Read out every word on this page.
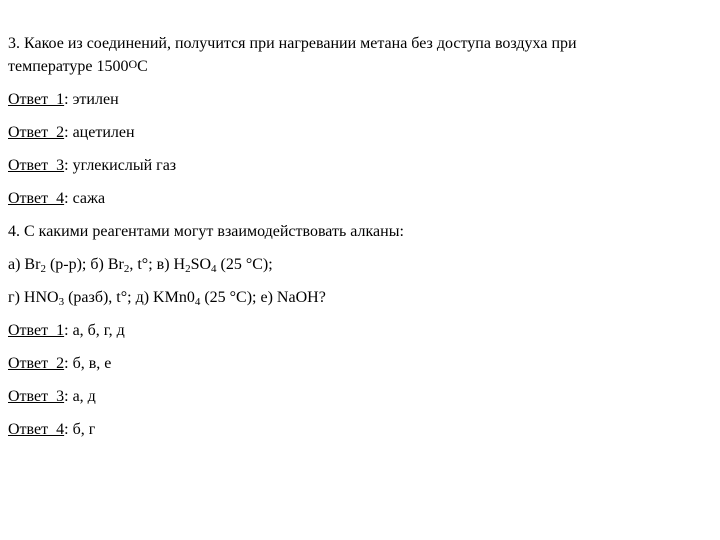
3. Какое из соединений, получится при нагревании метана без доступа воздуха при
температуре 1500ОС
Ответ_1: этилен
Ответ_2: ацетилен
Ответ_3: углекислый газ
Ответ_4: сажа
4. С какими реагентами могут взаимодействовать алканы:
а) $Br_2$ (р-р); б) $Br_2$, t°; в) $H_2SO_4$ (25 °С);
г) $HNO_3$ (разб), t°; д) $KMn0_4$ (25 °С); е) NaOH?
Ответ_1: а, б, г, д
Ответ_2: б, в, е
Ответ_3: а, д
Ответ_4: б, г
